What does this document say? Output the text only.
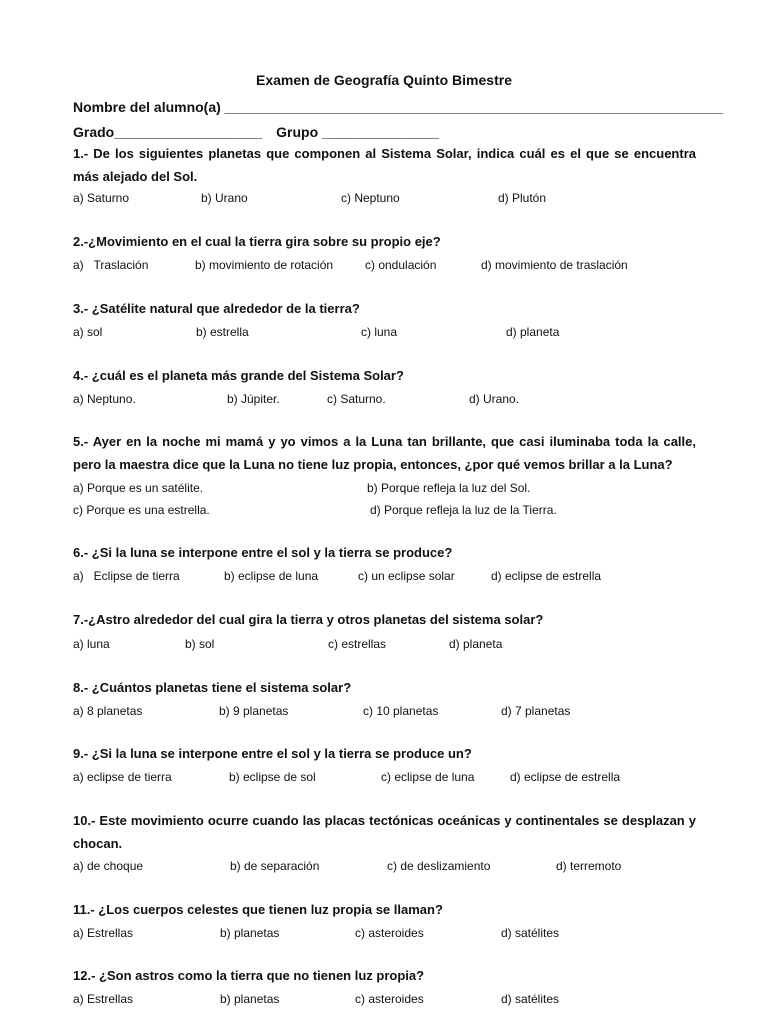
Examen de Geografía Quinto Bimestre
Nombre del alumno(a) ________________________________________________________________
Grado___________________ Grupo _______________
1.- De los siguientes planetas que componen al Sistema Solar, indica cuál es el que se encuentra más alejado del Sol.
a) Saturno	b) Urano	c) Neptuno	d) Plutón
2.-¿Movimiento en el cual la tierra gira sobre su propio eje?
a)   Traslación	b) movimiento de rotación	c) ondulación	d) movimiento de traslación
3.- ¿Satélite natural que alrededor de la tierra?
a) sol	b) estrella	c) luna	d) planeta
4.- ¿cuál es el planeta más grande del Sistema Solar?
a) Neptuno.	b) Júpiter.	c) Saturno.	d) Urano.
5.- Ayer en la noche mi mamá y yo vimos a la Luna tan brillante, que casi iluminaba toda la calle, pero la maestra dice que la Luna no tiene luz propia, entonces, ¿por qué vemos brillar a la Luna?
a) Porque es un satélite.	b) Porque refleja la luz del Sol.
c) Porque es una estrella.	d) Porque refleja la luz de la Tierra.
6.- ¿Si la luna se interpone entre el sol y la tierra se produce?
a)   Eclipse de tierra	b) eclipse de luna	c) un eclipse solar	d) eclipse de estrella
7.-¿Astro alrededor del cual gira la tierra y otros planetas del sistema solar?
a) luna	b) sol	c) estrellas	d) planeta
8.- ¿Cuántos planetas tiene el sistema solar?
a) 8 planetas	b) 9 planetas	c) 10 planetas	d) 7 planetas
9.- ¿Si la luna se interpone entre el sol y la tierra se produce un?
a) eclipse de tierra	b) eclipse de sol	c) eclipse de luna	d) eclipse de estrella
10.- Este movimiento ocurre cuando las placas tectónicas oceánicas y continentales se desplazan y chocan.
a) de choque	b) de separación	c) de deslizamiento	d) terremoto
11.- ¿Los cuerpos celestes que tienen luz propia se llaman?
a) Estrellas	b) planetas	c) asteroides	d) satélites
12.- ¿Son astros como la tierra que no tienen luz propia?
a) Estrellas	b) planetas	c) asteroides	d) satélites
